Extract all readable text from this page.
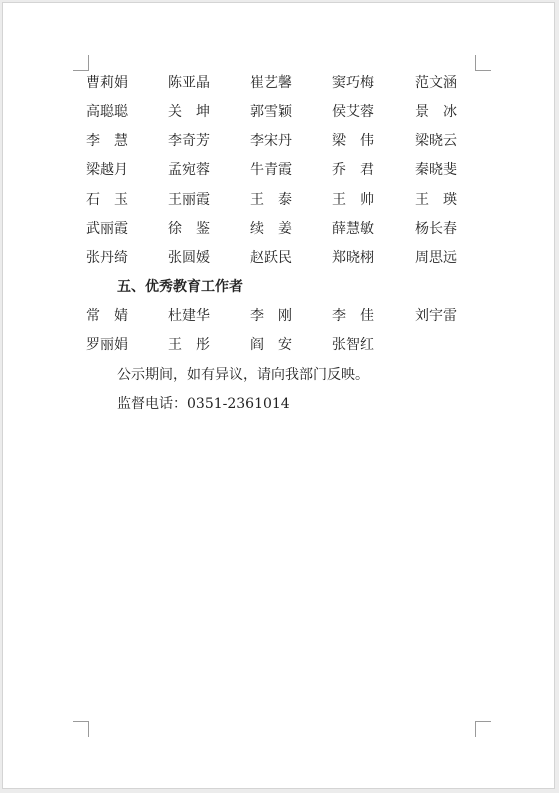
曹莉娟	陈亚晶	崔艺馨	窦巧梅	范文涵
高聪聪	关　坤	郭雪颖	侯艾蓉	景　冰
李　慧	李奇芳	李宋丹	梁　伟	梁晓云
梁越月	孟宛蓉	牛青霞	乔　君	秦晓斐
石　玉	王丽霞	王　泰	王　帅	王　瑛
武丽霞	徐　鉴	续　姜	薛慧敏	杨长春
张丹绮	张圆媛	赵跃民	郑晓栩	周思远
五、优秀教育工作者
常　婧	杜建华	李　刚	李　佳	刘宇雷
罗丽娟	王　彤	阎　安	张智红
公示期间，如有异议，请向我部门反映。
监督电话：0351-2361014
